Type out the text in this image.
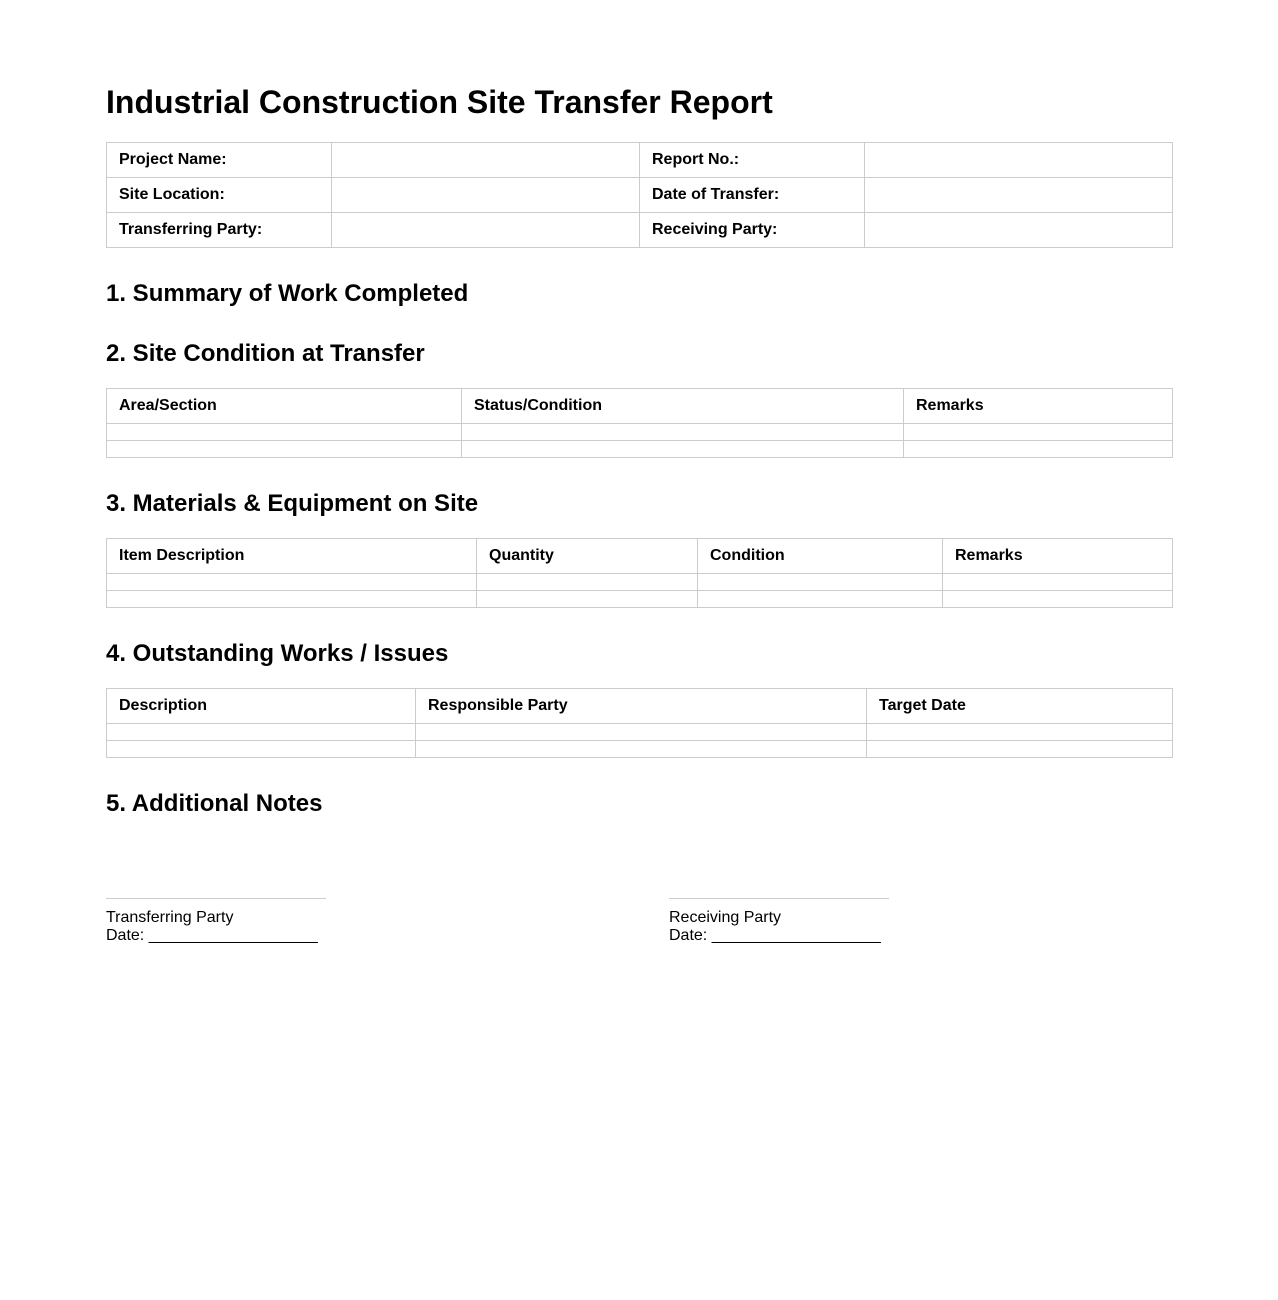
Industrial Construction Site Transfer Report
Project Name:		Report No.:	
Site Location:		Date of Transfer:	
Transferring Party:		Receiving Party:	
1. Summary of Work Completed
2. Site Condition at Transfer
Area/Section	Status/Condition	Remarks

3. Materials & Equipment on Site
Item Description	Quantity	Condition	Remarks

4. Outstanding Works / Issues
Description	Responsible Party	Target Date

5. Additional Notes
Transferring Party
Date: ___________________
Receiving Party
Date: ___________________
